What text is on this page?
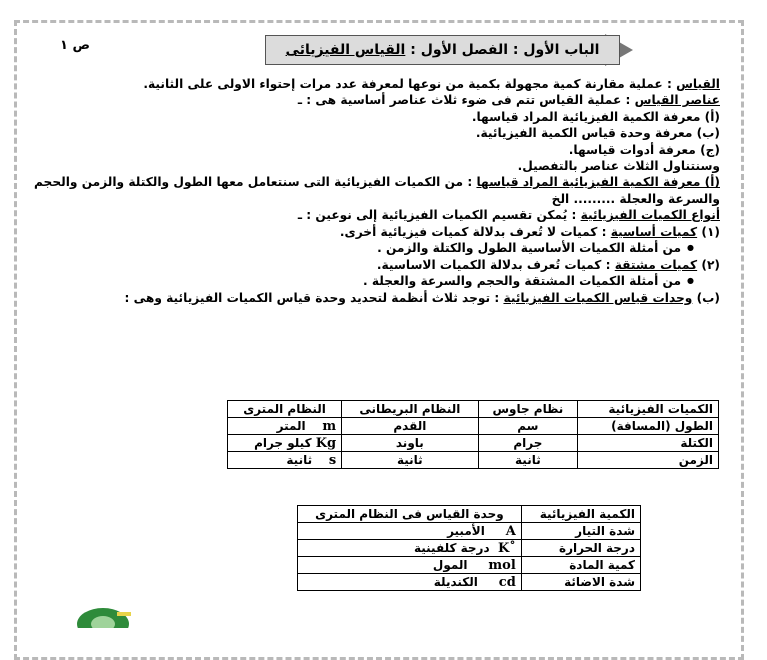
ص ١	الباب الأول : الفصل الأول : القياس الفيزيائى

القياس : عملية مقارنة كمية مجهولة بكمية من نوعها لمعرفة عدد مرات إحتواء الاولى على الثانية.

عناصر القياس : عملية القياس تتم فى ضوء ثلاث عناصر أساسية هى : ـ

(أ) معرفة الكمية الفيزيائية المراد قياسها.

(ب) معرفة وحدة قياس الكمية الفيزيائية.

(ج) معرفة أدوات قياسها.

وسنتناول الثلاث عناصر بالتفصيل.

(أ) معرفة الكمية الفيزيائية المراد قياسها : من الكميات الفيزيائية التى سنتعامل معها الطول والكتلة والزمن والحجم

والسرعة والعجلة ......... الخ

أنواع الكميات الفيزيائية : يُمكن تقسيم الكميات الفيزيائية إلى نوعين : ـ

(١) كميات أساسية : كميات لا تُعرف بدلالة كميات فيزيائية أخرى.

● من أمثلة الكميات الأساسية الطول والكتلة والزمن .

(٢) كميات مشتقة : كميات تُعرف بدلالة الكميات الاساسية.

● من أمثلة الكميات المشتقة والحجم والسرعة والعجلة .

(ب) وحدات قياس الكميات الفيزيائية : توجد ثلاث أنظمة لتحديد وحدة قياس الكميات الفيزيائية وهى :

الكميات الفيزيائية	نظام جاوس	النظام البريطانى	النظام المترى
الطول (المسافة)	سم	القدم	m    المتر
الكتلة	جرام	باوند	Kg كيلو جرام
الزمن	ثانية	ثانية	s    ثانية
الكمية الفيزيائية	وحدة القياس فى النظام المترى
شدة التيار	A     الأمبير
درجة الحرارة	˚K  درجة كلفينية
كمية المادة	mol     المول
شدة الاضائة	cd     الكنديلة
